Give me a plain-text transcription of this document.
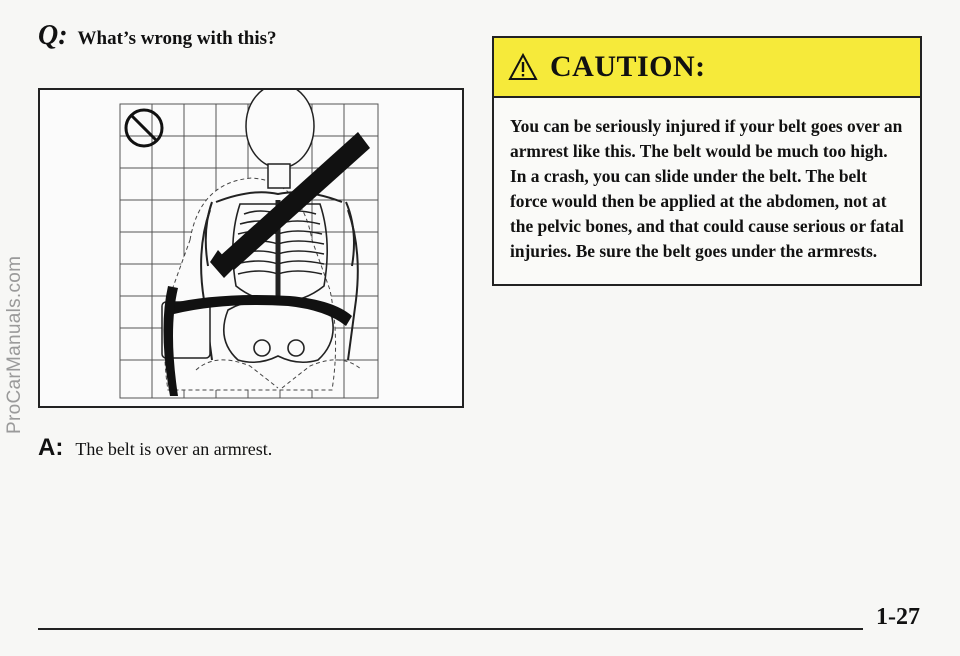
ProCarManuals.com
Q: What’s wrong with this?
A: The belt is over an armrest.
CAUTION:
You can be seriously injured if your belt goes over an armrest like this. The belt would be much too high. In a crash, you can slide under the belt. The belt force would then be applied at the abdomen, not at the pelvic bones, and that could cause serious or fatal injuries. Be sure the belt goes under the armrests.
1-27
